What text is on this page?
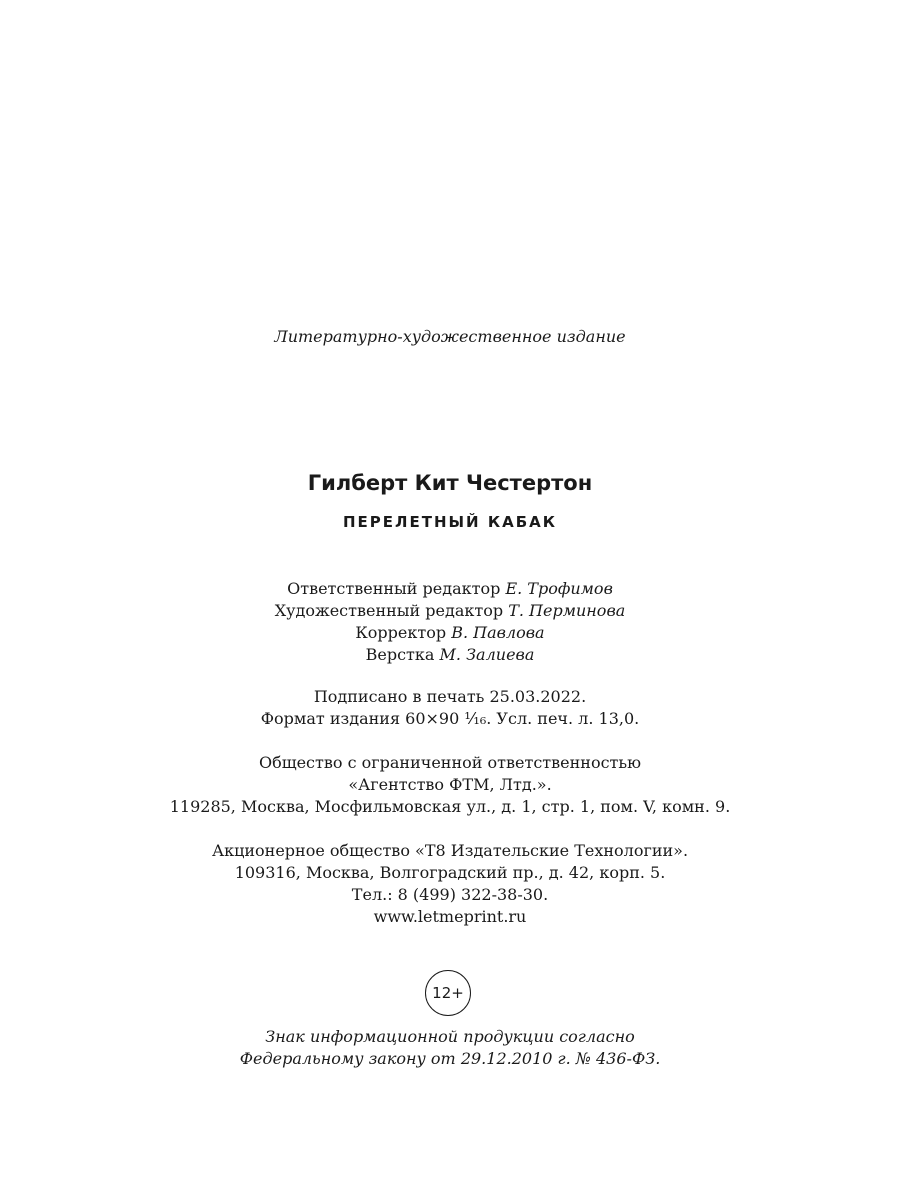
Литературно-художественное издание
Гилберт Кит Честертон
ПЕРЕЛЕТНЫЙ КАБАК
Ответственный редактор Е. Трофимов
Художественный редактор Т. Перминова
Корректор В. Павлова
Верстка М. Залиева
Подписано в печать 25.03.2022.
Формат издания 60×90 ¹⁄₁₆. Усл. печ. л. 13,0.
Общество с ограниченной ответственностью
«Агентство ФТМ, Лтд.».
119285, Москва, Мосфильмовская ул., д. 1, стр. 1, пом. V, комн. 9.
Акционерное общество «Т8 Издательские Технологии».
109316, Москва, Волгоградский пр., д. 42, корп. 5.
Тел.: 8 (499) 322-38-30.
www.letmeprint.ru
12+
Знак информационной продукции согласно
Федеральному закону от 29.12.2010 г. № 436-ФЗ.
